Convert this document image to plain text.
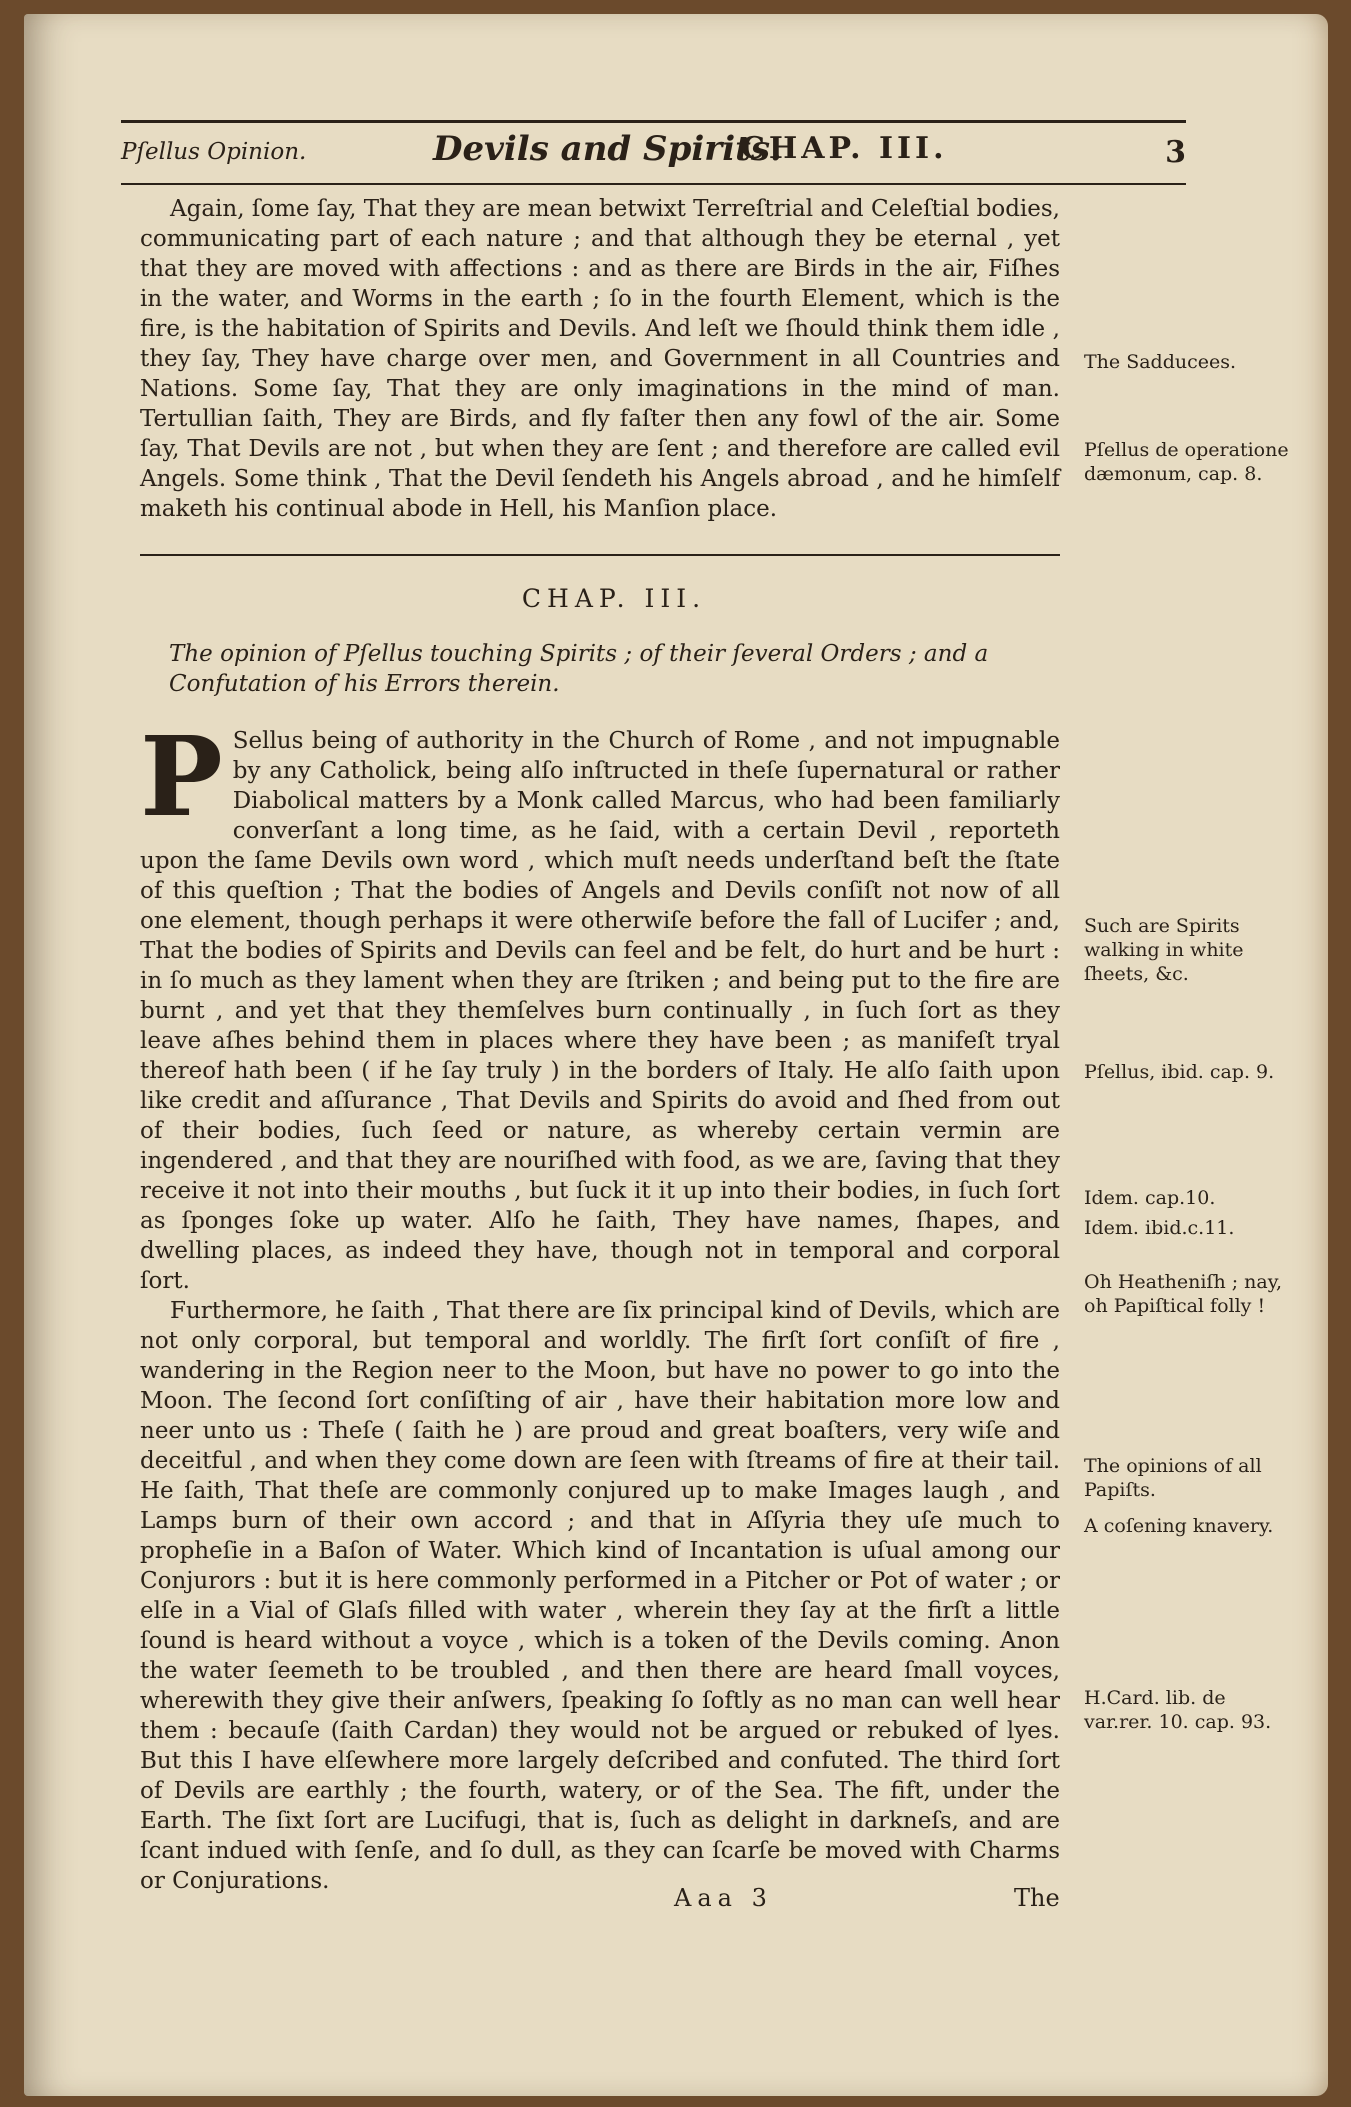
Pſellus Opinion.	Devils and Spirits.
CHAP. III.	3

Again, ſome ſay, That they are mean betwixt Terreſtrial and Celeſtial bodies, communicating part of each nature ; and that although they be eternal , yet that they are moved with affections : and as there are Birds in the air, Fiſhes in the water, and Worms in the earth ; ſo in the fourth Element, which is the fire, is the habitation of Spirits and Devils. And leſt we ſhould think them idle , they ſay, They have charge over men, and Government in all Countries and Nations. Some ſay, That they are only imaginations in the mind of man. Tertullian ſaith, They are Birds, and fly faſter then any fowl of the air. Some ſay, That Devils are not , but when they are ſent ; and therefore are called evil Angels. Some think , That the Devil ſendeth his Angels abroad , and he himſelf maketh his continual abode in Hell, his Manſion place.

CHAP. III.
The opinion of Pſellus touching Spirits ; of their ſeveral Orders ; and a Confutation of his Errors therein.

P Sellus being of authority in the Church of Rome , and not impugnable by any Catholick, being alſo inſtructed in theſe ſupernatural or rather Diabolical matters by a Monk called Marcus, who had been familiarly converſant a long time, as he ſaid, with a certain Devil , reporteth upon the ſame Devils own word , which muſt needs underſtand beſt the ſtate of this queſtion ; That the bodies of Angels and Devils conſiſt not now of all one element, though perhaps it were otherwiſe before the fall of Lucifer ; and, That the bodies of Spirits and Devils can feel and be felt, do hurt and be hurt : in ſo much as they lament when they are ſtriken ; and being put to the fire are burnt , and yet that they themſelves burn continually , in ſuch ſort as they leave aſhes behind them in places where they have been ; as manifeſt tryal thereof hath been ( if he ſay truly ) in the borders of Italy. He alſo ſaith upon like credit and aſſurance , That Devils and Spirits do avoid and ſhed from out of their bodies, ſuch ſeed or nature, as whereby certain vermin are ingendered , and that they are nouriſhed with food, as we are, ſaving that they receive it not into their mouths , but ſuck it it up into their bodies, in ſuch ſort as ſponges ſoke up water. Alſo he ſaith, They have names, ſhapes, and dwelling places, as indeed they have, though not in temporal and corporal ſort.

Furthermore, he ſaith , That there are ſix principal kind of Devils, which are not only corporal, but temporal and worldly. The firſt ſort conſiſt of fire , wandering in the Region neer to the Moon, but have no power to go into the Moon. The ſecond ſort conſiſting of air , have their habitation more low and neer unto us : Theſe ( ſaith he ) are proud and great boaſters, very wiſe and deceitful , and when they come down are ſeen with ſtreams of fire at their tail. He ſaith, That theſe are commonly conjured up to make Images laugh , and Lamps burn of their own accord ; and that in Aſſyria they uſe much to propheſie in a Baſon of Water. Which kind of Incantation is uſual among our Conjurors : but it is here commonly performed in a Pitcher or Pot of water ; or elſe in a Vial of Glaſs filled with water , wherein they ſay at the firſt a little ſound is heard without a voyce , which is a token of the Devils coming. Anon the water ſeemeth to be troubled , and then there are heard ſmall voyces, wherewith they give their anſwers, ſpeaking ſo ſoftly as no man can well hear them : becauſe (ſaith Cardan) they would not be argued or rebuked of lyes. But this I have elſewhere more largely deſcribed and confuted. The third ſort of Devils are earthly ; the fourth, watery, or of the Sea. The fift, under the Earth. The ſixt ſort are Lucifugi, that is, ſuch as delight in darkneſs, and are ſcant indued with ſenſe, and ſo dull, as they can ſcarſe be moved with Charms or Conjurations.

The Sadducees.
Pſellus de operatione dæmonum, cap. 8.
Such are Spirits walking in white ſheets, &c.
Pſellus, ibid. cap. 9.
Idem. cap.10.
Idem. ibid.c.11.
Oh Heatheniſh ; nay, oh Papiſtical folly !
The opinions of all Papiſts.
A coſening knavery.
H.Card. lib. de var.rer. 10. cap. 93.
Aaa 3	The
